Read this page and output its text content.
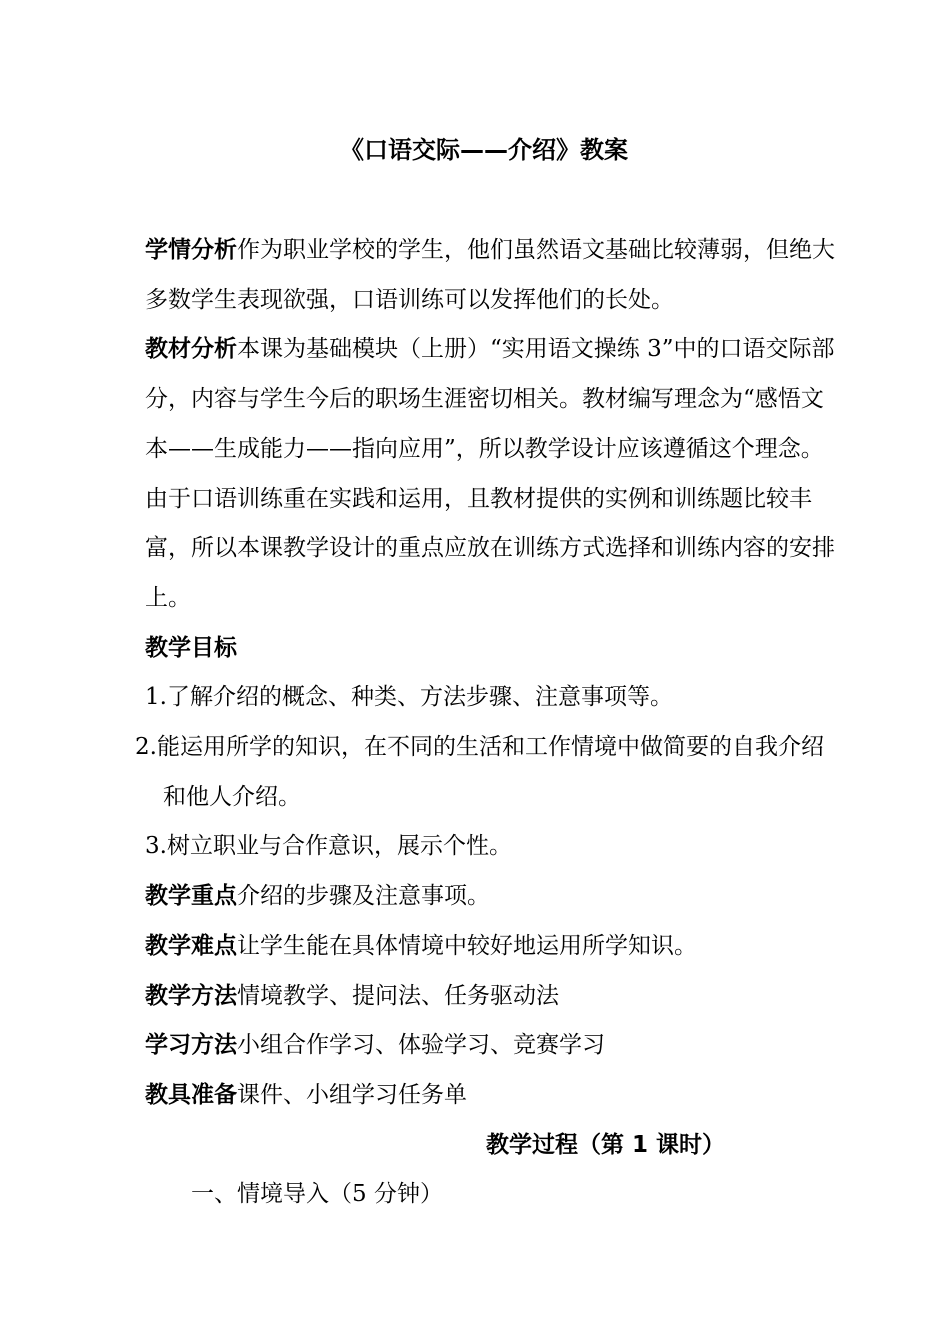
《口语交际——介绍》教案

学情分析作为职业学校的学生，他们虽然语文基础比较薄弱，但绝大多数学生表现欲强，口语训练可以发挥他们的长处。

教材分析本课为基础模块（上册）“实用语文操练 3”中的口语交际部分，内容与学生今后的职场生涯密切相关。教材编写理念为“感悟文本——生成能力——指向应用”，所以教学设计应该遵循这个理念。由于口语训练重在实践和运用，且教材提供的实例和训练题比较丰富，所以本课教学设计的重点应放在训练方式选择和训练内容的安排上。

教学目标

1.了解介绍的概念、种类、方法步骤、注意事项等。

2.能运用所学的知识，在不同的生活和工作情境中做简要的自我介绍和他人介绍。

3.树立职业与合作意识，展示个性。

教学重点介绍的步骤及注意事项。

教学难点让学生能在具体情境中较好地运用所学知识。

教学方法情境教学、提问法、任务驱动法

学习方法小组合作学习、体验学习、竞赛学习

教具准备课件、小组学习任务单

教学过程（第 1 课时）

一、情境导入（5 分钟）
